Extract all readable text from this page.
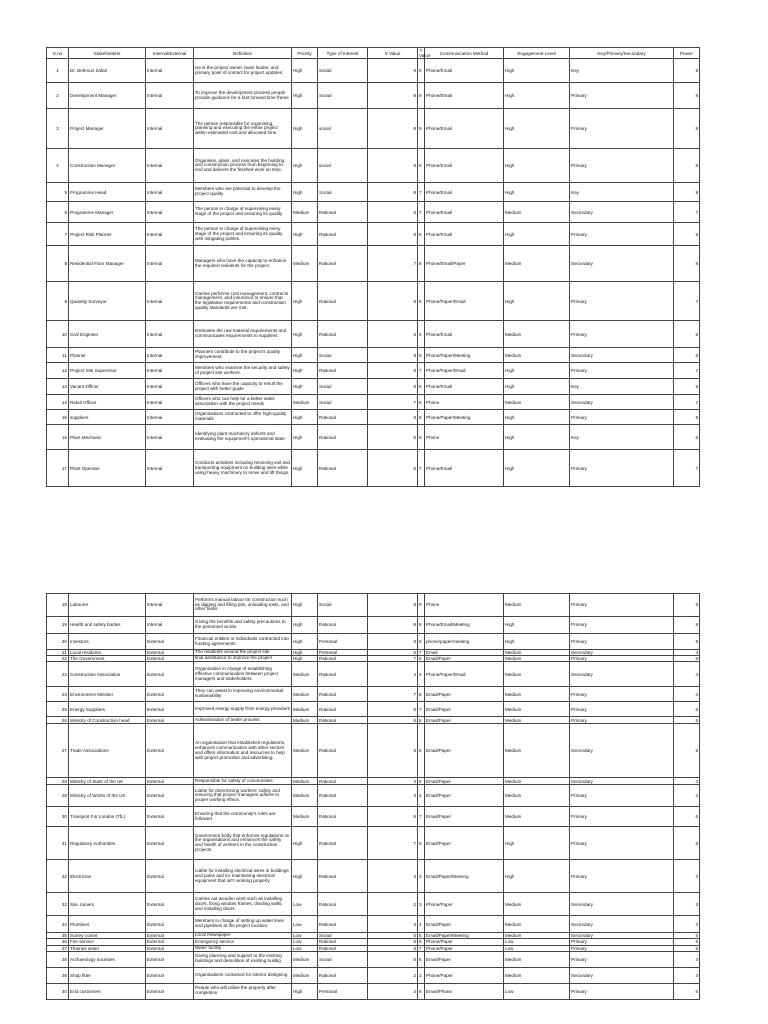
S.no	Stakeholders	Internal/External	Definition	Priority	Type of Interest	X Value	Y Value	Communication Method	Engagement Level	Key/Primary/Secondary	Power
1	Dr. Behrouz Zafari	Internal	He is the project owner, team leader, and primary point of contact for project updates.	High	Social	9	9	Phone/Email	High	Key	9
2	Development Manager	Internal	To improve the development process people provide guidance for a fast forward time frame	High	Social	8	9	Phone/Email	High	Primary	8
3	Project Manager	Internal	The person responsible for organising, planning and executing the entire project within estimated cost and allocated time	High	social	8	9	Phone/Email	High	Primary	8
4	Construction Manager	Internal	Organises, plans, and executes the building and construction process from beginning to end and delivers the finished work on time.	High	social	8	8	Phone/Email	High	Primary	8
5	Programme Head	Internal	Members who are potential to develop the project quality	High	Social	8	7	Phone/Email	High	Key	9
6	Programme Manager	Internal	The person in charge of supervising every stage of the project and ensuring its quality	Medium	Rational	6	7	Phone/Email	Medium	Secondary	7
7	Project Risk Planner	Internal	The person in charge of supervising every stage of the project and ensuring its quality with mitigating pobles.	High	Rational	8	8	Phone/Email	High	Primary	9
8	Residential Floor Manager	Internal	Managers who have the capacity to enhance the required residents for the project	Medium	Rational	7	8	Phone/Email/Paper	Medium	Secondary	8
9	Quantity Surveyor	Internal	Carries performs cost management, contracts management, and insurance to ensure that the legislative requirements and construction quality standards are met.	High	Rational	8	9	Phone/Paper/Email	High	Primary	7
10	Civil Engineer	Internal	Estimates the raw material requirements and communicates requirements to suppliers.	High	Rational	6	4	Phone/Email	Medium	Primary	6
11	Planner	Internal	Planners contribute to the project's quality improvement.	High	Social	9	8	Phone/Paper/Meeting	Medium	Secondary	8
12	Project Site Supervisor	Internal	Members who examine the security and safety of project site workers.	High	Rational	8	7	Phone/Paper/Email	High	Primary	7
13	Vacant Officer	Internal	Officers who have the capacity to result the project with better guide	High	Social	8	8	Phone/Email	High	Key	9
14	Retail Officer	Internal	Officers who can help for a better sales association with the project needs	Medium	Social	7	8	Phone	Medium	Secondary	7
15	suppliers	Internal	Organisations contracted to offer high-quality materials	High	Rational	9	8	Phone/Paper/Meeting	High	Primary	9
16	Plant Mechanic	Internal	Identifying plant machinery defects and evaluating the equipment's operational state	High	Rational	5	6	Phone	High	Key	6
17	Plant Operator	Internal	Conducts activities including removing soil and transporting equipment on building sites while using heavy machinery to move and lift things.	High	Rational	5	7	Phone/Email	High	Primary	7
18	Labourer	Internal	Performs manual labour for construction such as digging and filling pits, unloading tools, and other tasks	High	Social	8	9	Phone	Medium	Primary	9
19	Health and safety bodies	Internal	Giving the benefits and safety precautions to the personnel at site	High	Rational	8	8	Phone/Email/Meeting	High	Primary	8
20	Investors	External	Financial entities or individuals contracted into funding agreements.	High	Personal	9	5	phone/paper/meeting	High	Primary	9
21	Local residents	External	The residents around the project site	High	Personal	5	7	Email	Medium	Secondary	4
22	The Government	External	final assistance to improve the project	High	Rational	7	6	Email/Paper	Medium	Primary	8
23	Construction Association	External	Organization in charge of establishing effective communication between project managers and stakeholders	Medium	Rational	4	4	Phone/Paper/Email	Medium	Secondary	4
24	Environment Minister	External	They can assist in improving environmental sustainability	Medium	Rational	7	8	Email/Paper	Medium	Primary	4
25	Energy Suppliers	External	Improved energy supply from energy providers	Medium	Rational	5	7	Email/Paper	Medium	Primary	6
26	Ministry of Construction head	External	Administration of better process	Medium	Rational	6	8	Email/Paper	Medium	Primary	5
27	Trade Associations	External	An organisation that establishes regulations, enhances communication with other sectors and offers information and resources to help with project promotion and advertising.	Medium	Rational	5	6	Email/Paper	Medium	Secondary	5
28	Ministry of State of the UK	External	Responsible for safety of communities	Medium	Rational	4	5	Email/Paper	Medium	Secondary	4
29	Ministry of Works of the UK	External	Liable for determining workers' safety and ensuring that project managers adhere to proper working ethics.	Medium	Rational	3	4	Email/Paper	Medium	Primary	4
30	Transport For London (TfL)	External	Ensuring that the community's rules are followed	Medium	Rational	6	7	Email/Paper	Medium	Primary	6
31	Regulatory Authorities	External	Government body that enforces regulations on the organisations and enhances the safety and health of workers in the construction projects.	High	Rational	7	8	Email/Paper	High	Primary	8
32	Electrician	External	Liable for installing electrical wires in buildings and poles and for maintaining electrical equipment that isn't working properly.	High	Rational	4	3	Email/Paper/Meeting	High	Primary	4
33	Site Joiners	External	Carries out wooden work such as installing doors, fixing window frames, dividing walls, and installing doors.	Low	Rational	2	3	Phone/Paper	Medium	Secondary	3
34	Plumbers	External	Members in charge of setting up water lines and pipelines at the project location.	Low	Rational	3	4	Email/Paper	Medium	Secondary	4
35	Surrey comet	External	Local Newspaper	Low	Social	5	6	Email/Paper/Meeting	Medium	Secondary	5
36	Fire service	External	Emergency service	Low	Rational	6	6	Phone/Paper	Low	Primary	5
37	Thames water	External	Water facility	Low	Rational	6	7	Phone/Paper	Low	Primary	5
38	Archaeology societies	External	Giving planning and support to the existing buildings and demolition of existing buildig	Medium	Social	6	5	Email/Paper	Medium	Primary	3
39	Shop fitter	External	Organisations contacted for interior designing	Medium	Rational	2	3	Phone/Paper	Medium	Secondary	3
40	End customers	External	People who will utilise the property after completion	High	Personal	4	8	Email/Phone	Low	Primary	6
